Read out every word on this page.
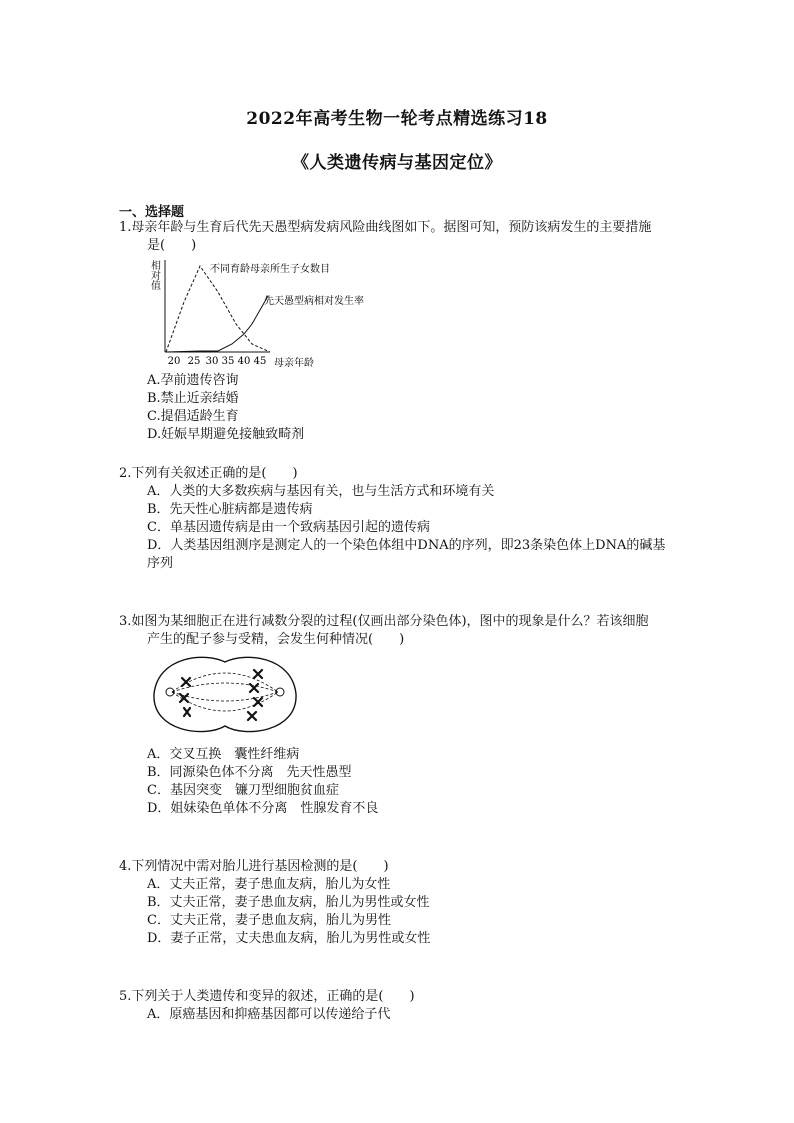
2022年高考生物一轮考点精选练习18
《人类遗传病与基因定位》
一、选择题
1.母亲年龄与生育后代先天愚型病发病风险曲线图如下。据图可知，预防该病发生的主要措施
是(　　)
相对值
20 25 30 35 40 45 母亲年龄
不同育龄母亲所生子女数目
先天愚型病相对发生率
A.孕前遗传咨询
B.禁止近亲结婚
C.提倡适龄生育
D.妊娠早期避免接触致畸剂
2.下列有关叙述正确的是(　　)
A．人类的大多数疾病与基因有关，也与生活方式和环境有关
B．先天性心脏病都是遗传病
C．单基因遗传病是由一个致病基因引起的遗传病
D．人类基因组测序是测定人的一个染色体组中DNA的序列，即23条染色体上DNA的碱基
序列
3.如图为某细胞正在进行减数分裂的过程(仅画出部分染色体)，图中的现象是什么？若该细胞
产生的配子参与受精，会发生何种情况(　　)
A．交叉互换　囊性纤维病
B．同源染色体不分离　先天性愚型
C．基因突变　镰刀型细胞贫血症
D．姐妹染色单体不分离　性腺发育不良
4.下列情况中需对胎儿进行基因检测的是(　　)
A．丈夫正常，妻子患血友病，胎儿为女性
B．丈夫正常，妻子患血友病，胎儿为男性或女性
C．丈夫正常，妻子患血友病，胎儿为男性
D．妻子正常，丈夫患血友病，胎儿为男性或女性
5.下列关于人类遗传和变异的叙述，正确的是(　　)
A．原癌基因和抑癌基因都可以传递给子代
